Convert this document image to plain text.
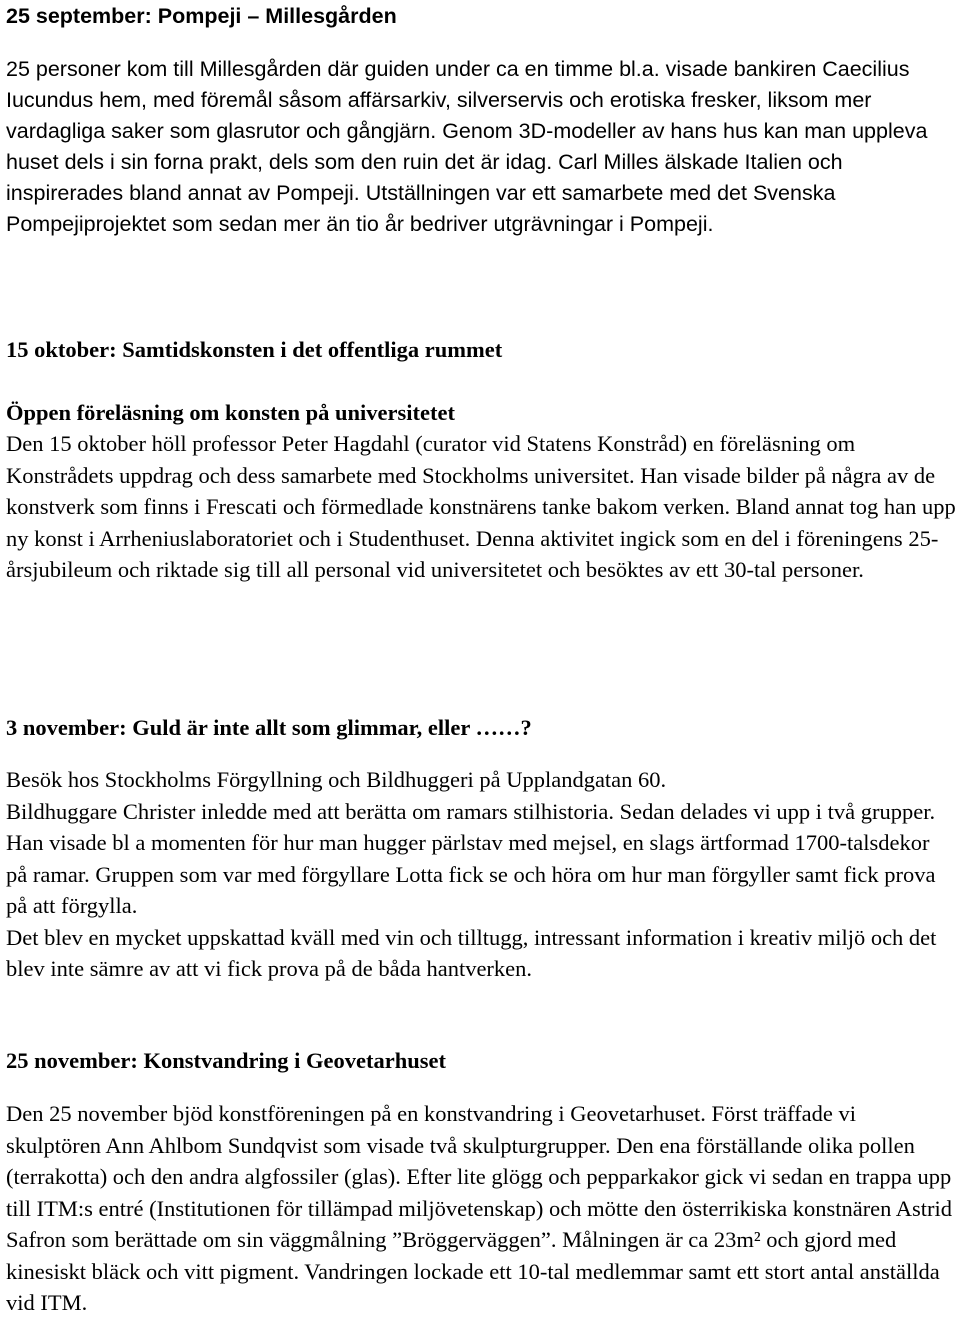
25 september: Pompeji – Millesgården

25 personer kom till Millesgården där guiden under ca en timme bl.a. visade bankiren Caecilius Iucundus hem, med föremål såsom affärsarkiv, silverservis och erotiska fresker, liksom mer vardagliga saker som glasrutor och gångjärn. Genom 3D-modeller av hans hus kan man uppleva huset dels i sin forna prakt, dels som den ruin det är idag. Carl Milles älskade Italien och inspirerades bland annat av Pompeji. Utställningen var ett samarbete med det Svenska Pompejiprojektet som sedan mer än tio år bedriver utgrävningar i Pompeji.

15 oktober: Samtidskonsten i det offentliga rummet
Öppen föreläsning om konsten på universitetet

Den 15 oktober höll professor Peter Hagdahl (curator vid Statens Konstråd) en föreläsning om Konstrådets uppdrag och dess samarbete med Stockholms universitet. Han visade bilder på några av de konstverk som finns i Frescati och förmedlade konstnärens tanke bakom verken. Bland annat tog han upp ny konst i Arrheniuslaboratoriet och i Studenthuset. Denna aktivitet ingick som en del i föreningens 25-årsjubileum och riktade sig till all personal vid universitetet och besöktes av ett 30-tal personer.

3 november: Guld är inte allt som glimmar, eller ……?

Besök hos Stockholms Förgyllning och Bildhuggeri på Upplandgatan 60.

Bildhuggare Christer inledde med att berätta om ramars stilhistoria. Sedan delades vi upp i två grupper. Han visade bl a momenten för hur man hugger pärlstav med mejsel, en slags ärtformad 1700-talsdekor på ramar. Gruppen som var med förgyllare Lotta fick se och höra om hur man förgyller samt fick prova på att förgylla.

Det blev en mycket uppskattad kväll med vin och tilltugg, intressant information i kreativ miljö och det blev inte sämre av att vi fick prova på de båda hantverken.

25 november: Konstvandring i Geovetarhuset

Den 25 november bjöd konstföreningen på en konstvandring i Geovetarhuset. Först träffade vi skulptören Ann Ahlbom Sundqvist som visade två skulpturgrupper. Den ena förställande olika pollen (terrakotta) och den andra algfossiler (glas). Efter lite glögg och pepparkakor gick vi sedan en trappa upp till ITM:s entré (Institutionen för tillämpad miljövetenskap) och mötte den österrikiska konstnären Astrid Safron som berättade om sin väggmålning ”Bröggerväggen”. Målningen är ca 23m² och gjord med kinesiskt bläck och vitt pigment. Vandringen lockade ett 10-tal medlemmar samt ett stort antal anställda vid ITM.
